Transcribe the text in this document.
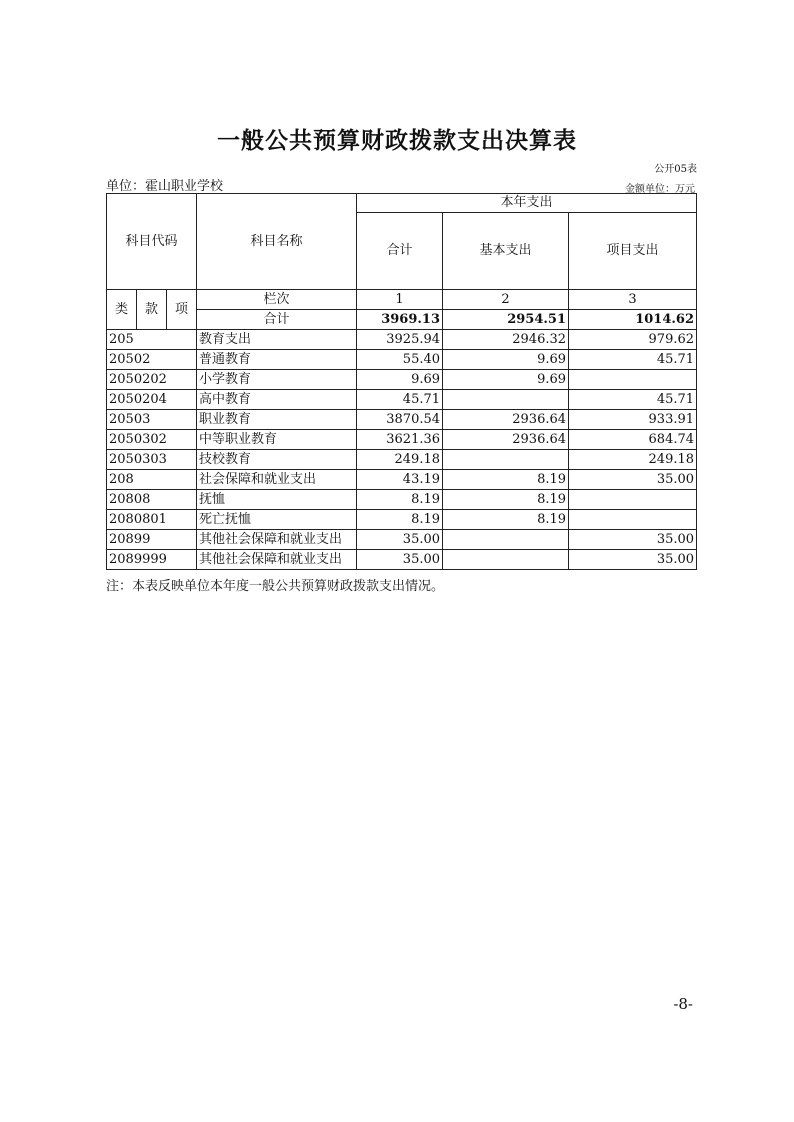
一般公共预算财政拨款支出决算表
公开05表
单位：霍山职业学校	金额单位：万元
科目代码			科目名称	本年支出		
				合计	基本支出	项目支出
类	款	项	栏次	1	2	3
			合计	3969.13	2954.51	1014.62
205			教育支出	3925.94	2946.32	979.62
20502			普通教育	55.40	9.69	45.71
2050202			小学教育	9.69	9.69	
2050204			高中教育	45.71		45.71
20503			职业教育	3870.54	2936.64	933.91
2050302			中等职业教育	3621.36	2936.64	684.74
2050303			技校教育	249.18		249.18
208			社会保障和就业支出	43.19	8.19	35.00
20808			抚恤	8.19	8.19	
2080801			死亡抚恤	8.19	8.19	
20899			其他社会保障和就业支出	35.00		35.00
2089999			其他社会保障和就业支出	35.00		35.00
注：本表反映单位本年度一般公共预算财政拨款支出情况。
-8-
